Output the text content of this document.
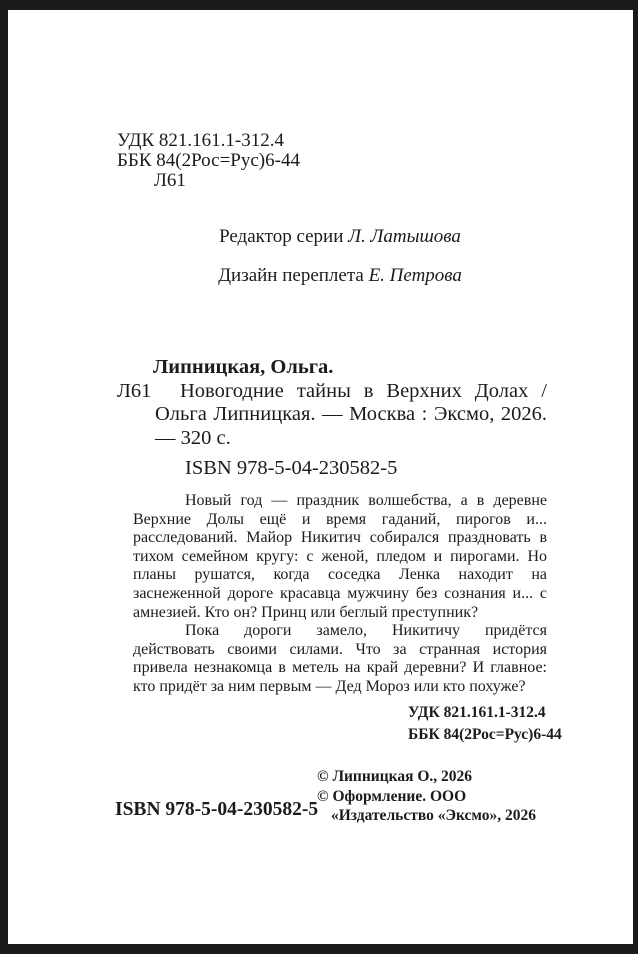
УДК 821.161.1-312.4
ББК 84(2Рос=Рус)6-44
Л61
Редактор серии Л. Латышова
Дизайн переплета Е. Петрова
Липницкая, Ольга.
Л61	Новогодние тайны в Верхних Долах / Ольга Липницкая. — Москва : Эксмо, 2026. — 320 с.

ISBN 978-5-04-230582-5

Новый год — праздник волшебства, а в деревне Верхние Долы ещё и время гаданий, пирогов и... расследований. Майор Никитич собирался праздновать в тихом семейном кругу: с женой, пледом и пирогами. Но планы рушатся, когда соседка Ленка находит на заснеженной дороге красавца мужчину без сознания и... с амнезией. Кто он? Принц или беглый преступник?

Пока дороги замело, Никитичу придётся действовать своими силами. Что за странная история привела незнакомца в метель на край деревни? И главное: кто придёт за ним первым — Дед Мороз или кто похуже?

УДК 821.161.1-312.4
ББК 84(2Рос=Рус)6-44
© Липницкая О., 2026
© Оформление. ООО «Издательство «Эксмо», 2026
ISBN 978-5-04-230582-5
